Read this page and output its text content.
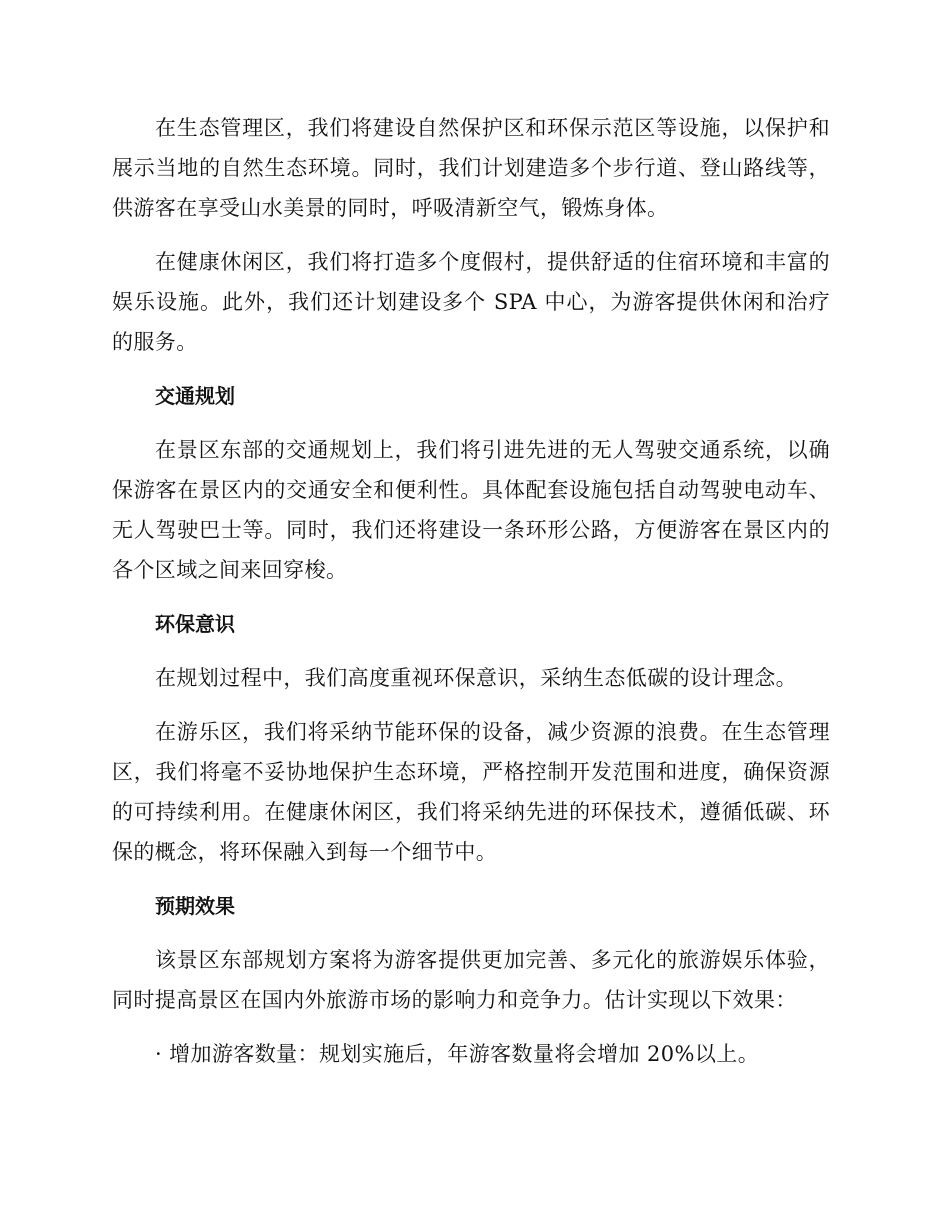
在生态管理区，我们将建设自然保护区和环保示范区等设施，以保护和展示当地的自然生态环境。同时，我们计划建造多个步行道、登山路线等，供游客在享受山水美景的同时，呼吸清新空气，锻炼身体。

在健康休闲区，我们将打造多个度假村，提供舒适的住宿环境和丰富的娱乐设施。此外，我们还计划建设多个 SPA 中心，为游客提供休闲和治疗的服务。

交通规划

在景区东部的交通规划上，我们将引进先进的无人驾驶交通系统，以确保游客在景区内的交通安全和便利性。具体配套设施包括自动驾驶电动车、无人驾驶巴士等。同时，我们还将建设一条环形公路，方便游客在景区内的各个区域之间来回穿梭。

环保意识

在规划过程中，我们高度重视环保意识，采纳生态低碳的设计理念。

在游乐区，我们将采纳节能环保的设备，减少资源的浪费。在生态管理区，我们将毫不妥协地保护生态环境，严格控制开发范围和进度，确保资源的可持续利用。在健康休闲区，我们将采纳先进的环保技术，遵循低碳、环保的概念，将环保融入到每一个细节中。

预期效果

该景区东部规划方案将为游客提供更加完善、多元化的旅游娱乐体验，同时提高景区在国内外旅游市场的影响力和竞争力。估计实现以下效果：

· 增加游客数量：规划实施后，年游客数量将会增加 20%以上。
